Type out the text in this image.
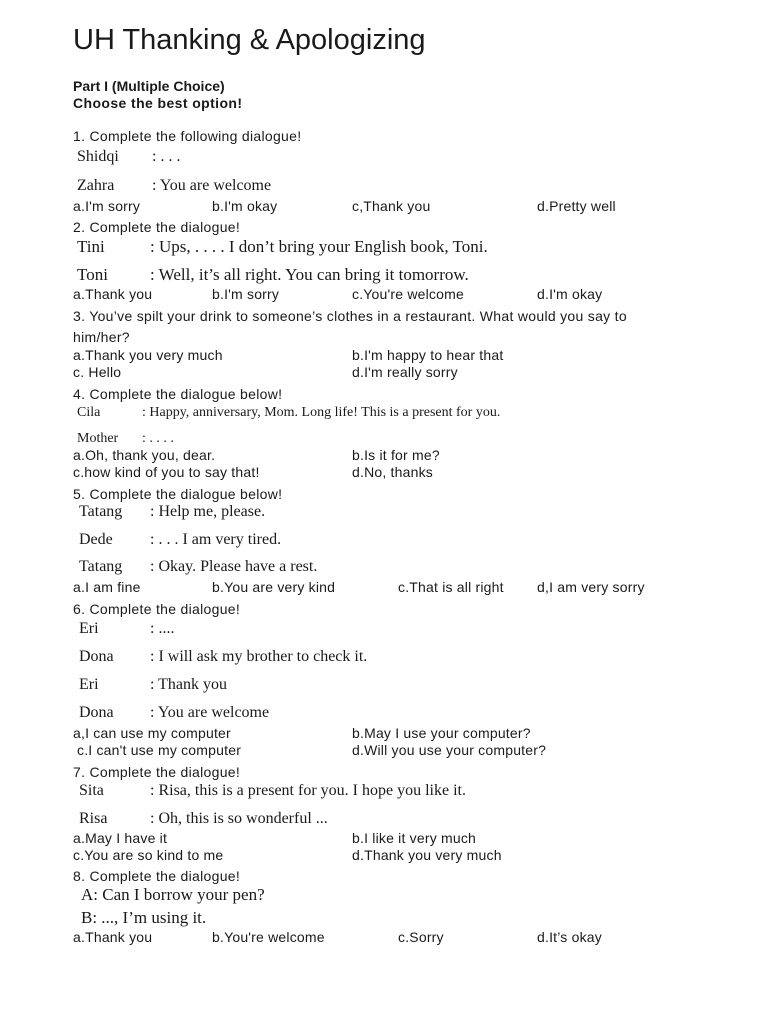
UH Thanking & Apologizing
Part I (Multiple Choice)
Choose the best option!
1. Complete the following dialogue!
Shidqi : . . .
Zahra : You are welcome
a.I'm sorry	b.I'm okay	c,Thank you	d.Pretty well
2. Complete the dialogue!
Tini	: Ups, . . . . I don’t bring your English book, Toni.
Toni : Well, it’s all right. You can bring it tomorrow.
a.Thank you	b.I'm sorry	c.You're welcome	d.I'm okay
3. You’ve spilt your drink to someone’s clothes in a restaurant. What would you say to him/her?
a.Thank you very much	b.I'm happy to hear that
c. Hello	d.I'm really sorry
4. Complete the dialogue below!
Cila	: Happy, anniversary, Mom. Long life! This is a present for you.
Mother : . . . .
a.Oh, thank you, dear.	b.Is it for me?
c.how kind of you to say that!	d.No, thanks
5. Complete the dialogue below!
Tatang : Help me, please.
Dede : . . . I am very tired.
Tatang : Okay. Please have a rest.
a.I am fine	b.You are very kind	c.That is all right d,I am very sorry
6. Complete the dialogue!
Eri	: ....
Dona : I will ask my brother to check it.
Eri	: Thank you
Dona : You are welcome
a,I can use my computer	b.May I use your computer?
c.I can't use my computer	d.Will you use your computer?
7. Complete the dialogue!
Sita	: Risa, this is a present for you. I hope you like it.
Risa	: Oh, this is so wonderful ...
a.May I have it	b.I like it very much
c.You are so kind to me	d.Thank you very much
8. Complete the dialogue!
A: Can I borrow your pen?
B: ..., I’m using it.
a.Thank you	b.You're welcome	c.Sorry	d.It’s okay
